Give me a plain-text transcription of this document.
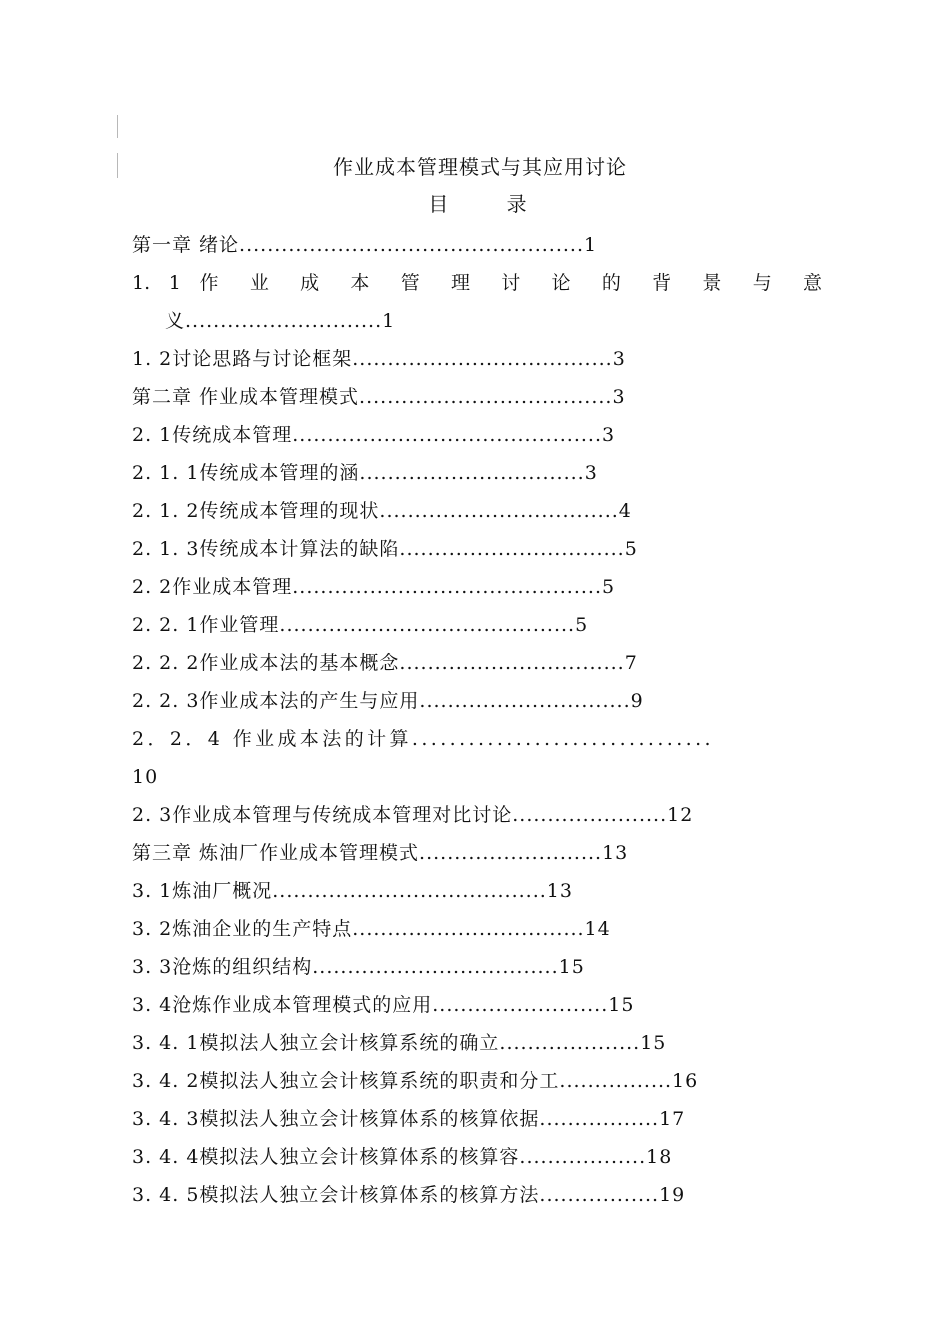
作业成本管理模式与其应用讨论
目 录
第一章 绪论.................................................1
1. 1 作 业 成 本 管 理 讨 论 的 背 景 与 意
义............................1
1. 2讨论思路与讨论框架.....................................3
第二章 作业成本管理模式....................................3
2. 1传统成本管理............................................3
2. 1. 1传统成本管理的涵................................3
2. 1. 2传统成本管理的现状..................................4
2. 1. 3传统成本计算法的缺陷................................5
2. 2作业成本管理............................................5
2. 2. 1作业管理..........................................5
2. 2. 2作业成本法的基本概念................................7
2. 2. 3作业成本法的产生与应用..............................9
2．2．4 作业成本法的计算................................
10
2. 3作业成本管理与传统成本管理对比讨论......................12
第三章 炼油厂作业成本管理模式..........................13
3. 1炼油厂概况.......................................13
3. 2炼油企业的生产特点.................................14
3. 3沧炼的组织结构...................................15
3. 4沧炼作业成本管理模式的应用.........................15
3. 4. 1模拟法人独立会计核算系统的确立....................15
3. 4. 2模拟法人独立会计核算系统的职责和分工................16
3. 4. 3模拟法人独立会计核算体系的核算依据.................17
3. 4. 4模拟法人独立会计核算体系的核算容..................18
3. 4. 5模拟法人独立会计核算体系的核算方法.................19
